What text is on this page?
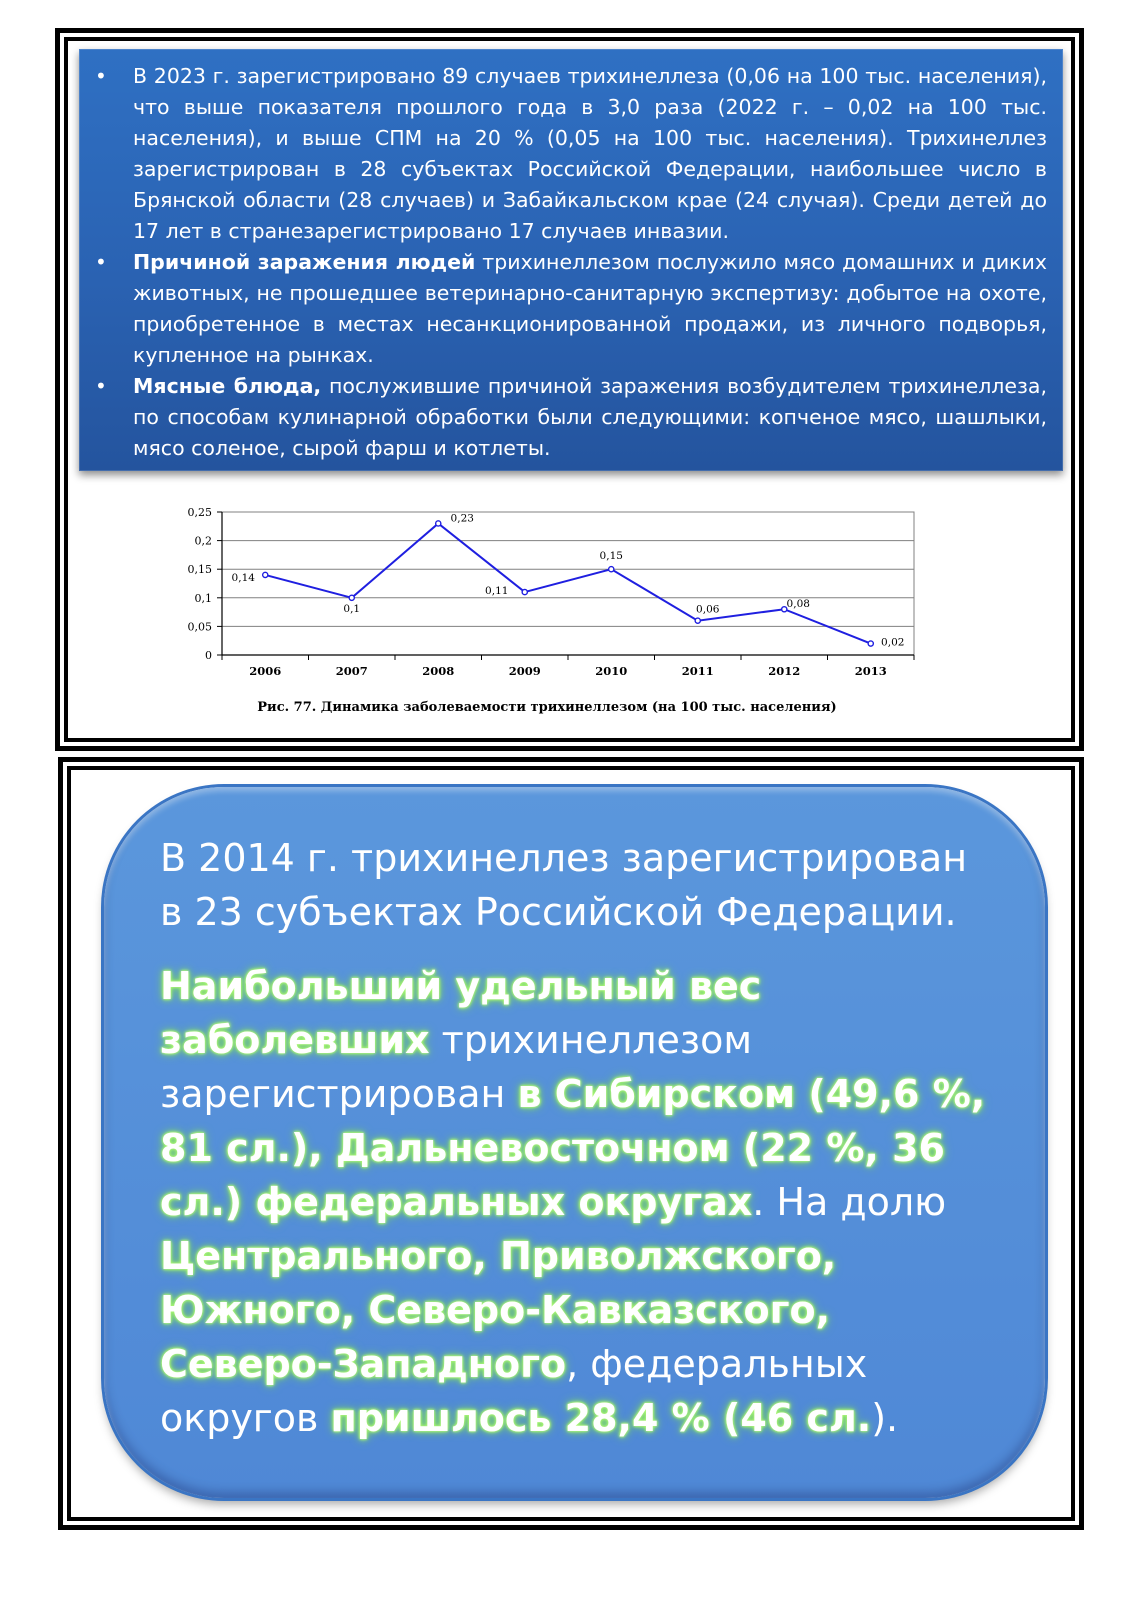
• В 2023 г. зарегистрировано 89 случаев трихинеллеза (0,06 на 100 тыс. населения), что выше показателя прошлого года в 3,0 раза (2022 г. – 0,02 на 100 тыс. населения), и выше СПМ на 20 % (0,05 на 100 тыс. населения). Трихинеллез зарегистрирован в 28 субъектах Российской Федерации, наибольшее число в Брянской области (28 случаев) и Забайкальском крае (24 случая). Среди детей до 17 лет в странезарегистрировано 17 случаев инвазии.
• Причиной заражения людей трихинеллезом послужило мясо домашних и диких животных, не прошедшее ветеринарно-санитарную экспертизу: добытое на охоте, приобретенное в местах несанкционированной продажи, из личного подворья, купленное на рынках.
• Мясные блюда, послужившие причиной заражения возбудителем трихинеллеза, по способам кулинарной обработки были следующими: копченое мясо, шашлыки, мясо соленое, сырой фарш и котлеты.
0
0,05
0,1
0,15
0,2
0,25
2006	2007	2008	2009	2010	2011	2012	2013
0,14
0,1
0,23
0,11
0,15
0,06	0,08
0,02
Рис. 77. Динамика заболеваемости трихинеллезом (на 100 тыс. населения)

В 2014 г. трихинеллез зарегистрирован в 23 субъектах Российской Федерации.

Наибольший удельный вес заболевших трихинеллезом зарегистрирован в Сибирском (49,6 %, 81 сл.), Дальневосточном (22 %, 36 сл.) федеральных округах. На долю Центрального, Приволжского, Южного, Северо-Кавказского, Северо-Западного, федеральных округов пришлось 28,4 % (46 сл.).
